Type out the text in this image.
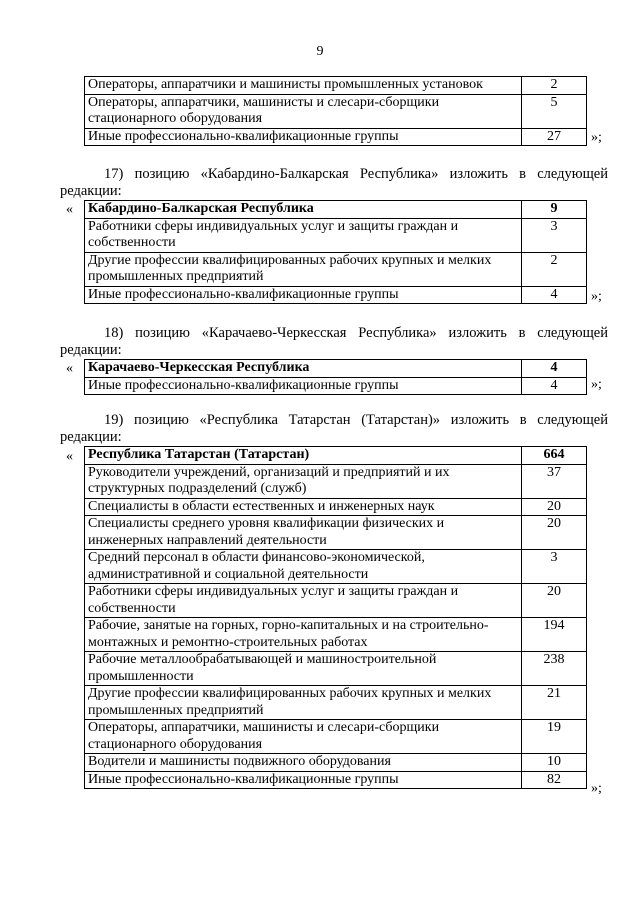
9
Операторы, аппаратчики и машинисты промышленных установок	2
Операторы, аппаратчики, машинисты и слесари-сборщики стационарного оборудования	5
Иные профессионально-квалификационные группы	27 »;
17) позицию «Кабардино-Балкарская Республика» изложить в следующей
редакции:
« Кабардино-Балкарская Республика	9
Работники сферы индивидуальных услуг и защиты граждан и собственности	3
Другие профессии квалифицированных рабочих крупных и мелких промышленных предприятий	2
Иные профессионально-квалификационные группы	4 »;
18) позицию «Карачаево-Черкесская Республика» изложить в следующей
редакции:
« Карачаево-Черкесская Республика	4
Иные профессионально-квалификационные группы	4 »;
19) позицию «Республика Татарстан (Татарстан)» изложить в следующей
редакции:
« Республика Татарстан (Татарстан)	664
Руководители учреждений, организаций и предприятий и их структурных подразделений (служб)	37
Специалисты в области естественных и инженерных наук	20
Специалисты среднего уровня квалификации физических и инженерных направлений деятельности	20
Средний персонал в области финансово-экономической, административной и социальной деятельности	3
Работники сферы индивидуальных услуг и защиты граждан и собственности	20
Рабочие, занятые на горных, горно-капитальных и на строительно-монтажных и ремонтно-строительных работах	194
Рабочие металлообрабатывающей и машиностроительной промышленности	238
Другие профессии квалифицированных рабочих крупных и мелких промышленных предприятий	21
Операторы, аппаратчики, машинисты и слесари-сборщики стационарного оборудования	19
Водители и машинисты подвижного оборудования	10
Иные профессионально-квалификационные группы	82
»;
